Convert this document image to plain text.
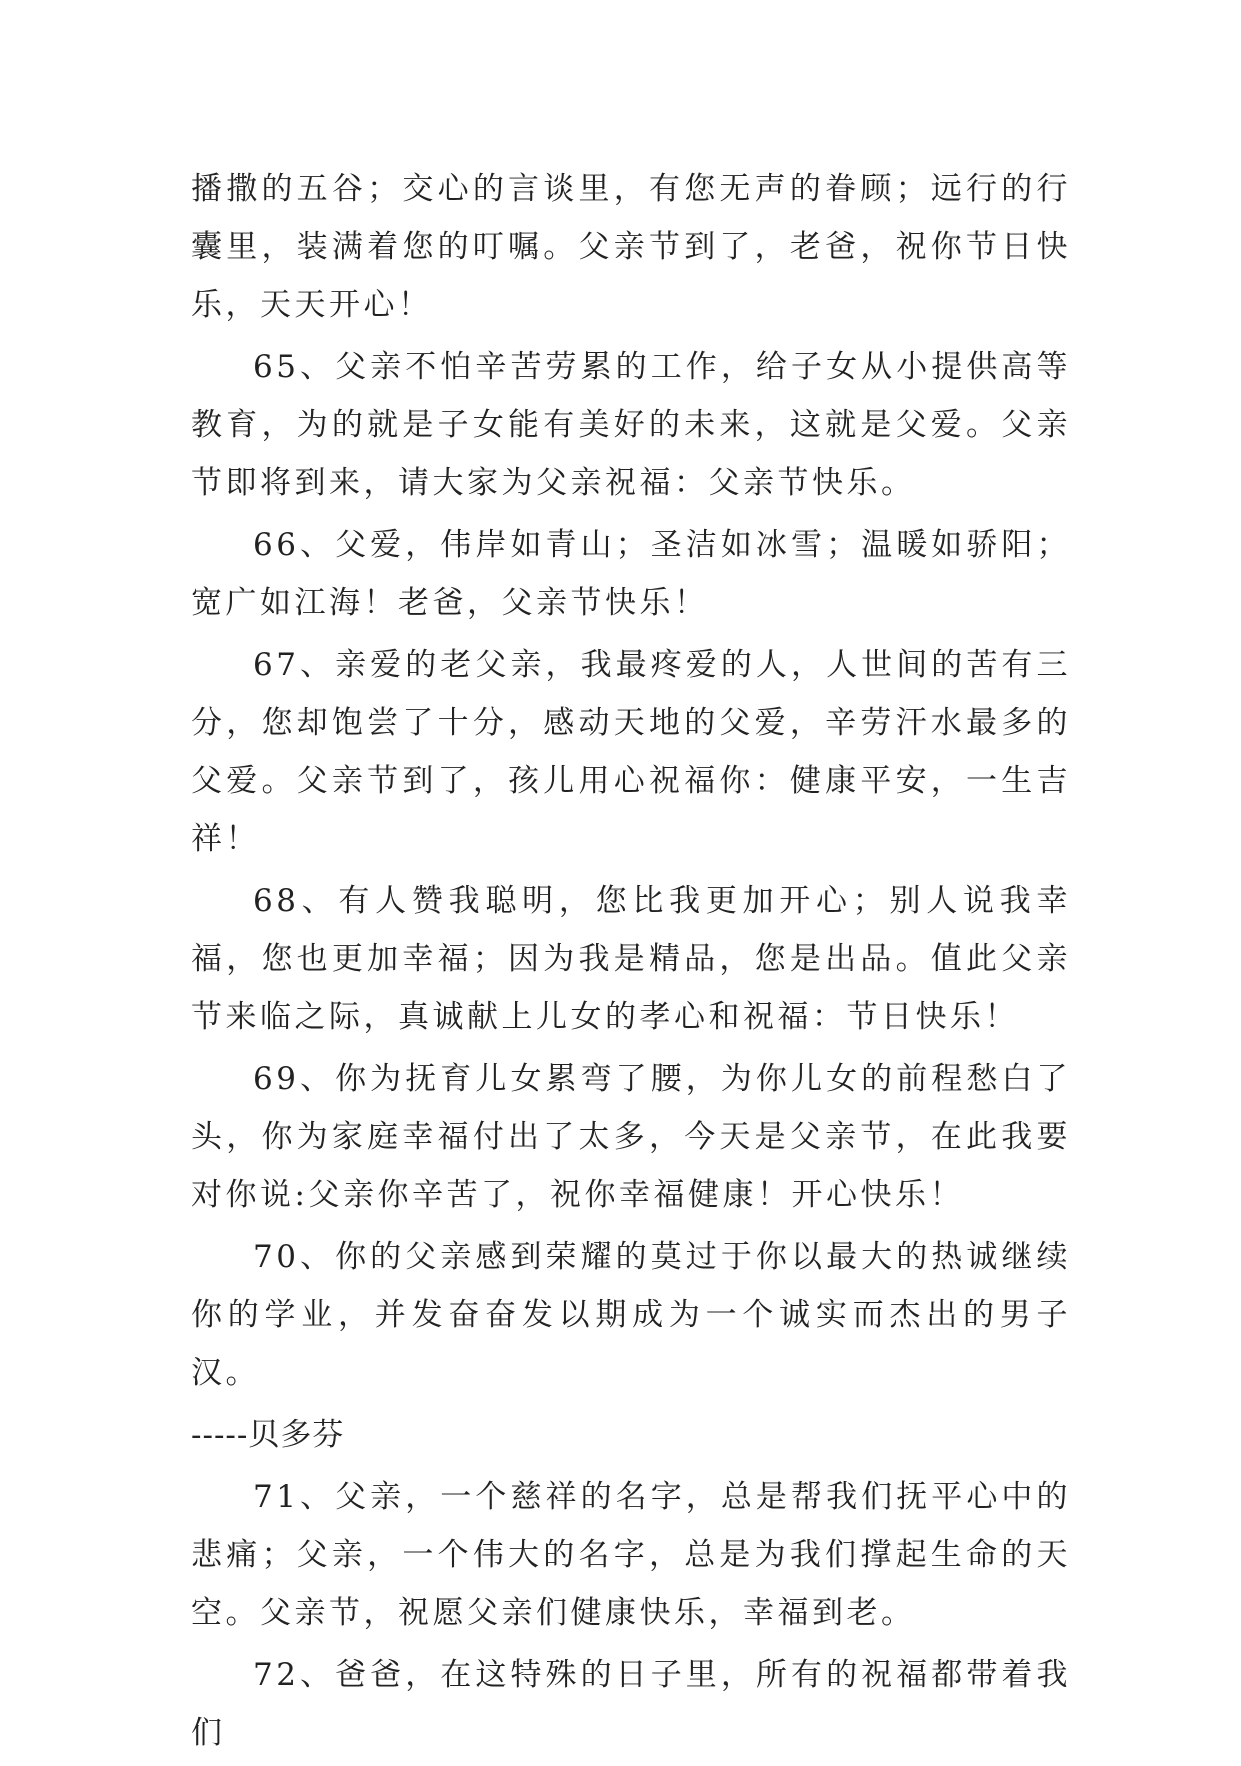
播撒的五谷；交心的言谈里，有您无声的眷顾；远行的行囊里，装满着您的叮嘱。父亲节到了，老爸，祝你节日快乐，天天开心！

65、父亲不怕辛苦劳累的工作，给子女从小提供高等教育，为的就是子女能有美好的未来，这就是父爱。父亲节即将到来，请大家为父亲祝福：父亲节快乐。

66、父爱，伟岸如青山；圣洁如冰雪；温暖如骄阳；宽广如江海！老爸，父亲节快乐！

67、亲爱的老父亲，我最疼爱的人，人世间的苦有三分，您却饱尝了十分，感动天地的父爱，辛劳汗水最多的父爱。父亲节到了，孩儿用心祝福你：健康平安，一生吉祥！

68、有人赞我聪明，您比我更加开心；别人说我幸福，您也更加幸福；因为我是精品，您是出品。值此父亲节来临之际，真诚献上儿女的孝心和祝福：节日快乐！

69、你为抚育儿女累弯了腰，为你儿女的前程愁白了头，你为家庭幸福付出了太多，今天是父亲节，在此我要对你说:父亲你辛苦了，祝你幸福健康！开心快乐！

70、你的父亲感到荣耀的莫过于你以最大的热诚继续你的学业，并发奋奋发以期成为一个诚实而杰出的男子汉。

-----贝多芬

71、父亲，一个慈祥的名字，总是帮我们抚平心中的悲痛；父亲，一个伟大的名字，总是为我们撑起生命的天空。父亲节，祝愿父亲们健康快乐，幸福到老。

72、爸爸，在这特殊的日子里，所有的祝福都带着我们
